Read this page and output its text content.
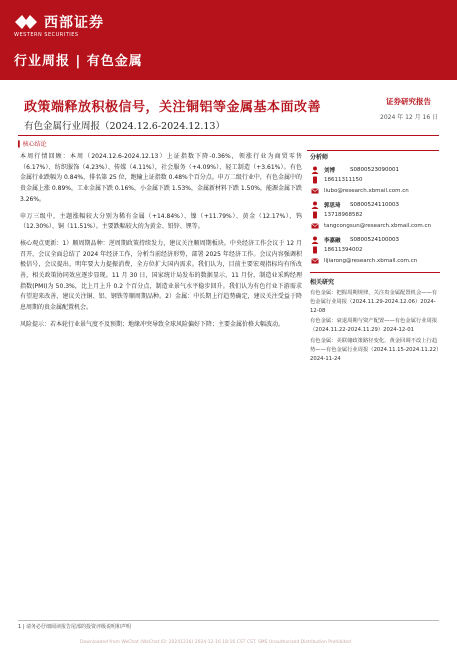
西部证券
WESTERN SECURITIES
行业周报 | 有色金属
政策端释放积极信号，关注铜铝等金属基本面改善	证券研究报告
2024 年 12 月 16 日
有色金属行业周报（2024.12.6-2024.12.13）
▍核心结论

本周行情回顾：本周（2024.12.6-2024.12.13）上证指数下降-0.36%，领涨行业为商贸零售（6.17%）、纺织服饰（4.23%）、传媒（4.11%），社会服务（+4.09%）、轻工制造（+3.61%）。有色金属行业跌幅为 0.84%，排名第 25 位，跑输上证指数 0.48%个百分点。申万二级行业中，有色金属中的贵金属上涨 0.89%，工业金属下跌 0.16%，小金属下跌 1.53%，金属新材料下跌 1.50%，能源金属下跌 3.26%。

申万三级中，主题涨幅较大分别为稀有金属（+14.84%）、镍（+11.79%）、黄金（12.17%）、钨（12.30%）、铜（11.51%）。主要跌幅较大的为黄金、铅锌、锂等。

核心观点更新：1）顺周期品种：逆周期政策持续发力，建议关注顺周期板块。中央经济工作会议于 12 月召开，会议全面总结了 2024 年经济工作，分析当前经济形势，部署 2025 年经济工作。会议内容强调积极信号，会议提出，明年要大力提振消费，全方位扩大国内需求。我们认为，目前主要宏观指标均有所改善，相关政策协同效应逐步显现。11 月 30 日，国家统计局发布的数据显示，11 月份，制造业采购经理指数(PMI)为 50.3%，比上月上升 0.2 个百分点，制造业景气水平稳步回升。我们认为有色行业下游需求有望迎来改善，建议关注铜、铝、钢铁等顺周期品种。2）金属：中长期上行趋势确定，建议关注受益于降息周期的贵金属配置机会。

风险提示：若本轮行业景气度不及预期；地缘冲突导致全球风险偏好下降；主要金属价格大幅波动。

分析师
刘博	S0800523090001
18611311150
liubo@research.xbmail.com.cn
郭思琦	S0800524110003
13718968582
tangcongsun@research.xbmail.com.cn
李嘉融	S0800524100003
18611394002
lijiarong@research.xbmail.com.cn
相关研究
有色金属：把握周期规律，关注贵金属配置机会——有色金属行业周报（2024.11.29-2024.12.06）2024-12-08
有色金属：衰退周期与资产配置——有色金属行业周报（2024.11.22-2024.11.29）2024-12-01
有色金属：美联储政策路径变化，黄金回调不改上行趋势——有色金属行业周报（2024.11.15-2024.11.22）2024-11-24
1 | 请务必仔细阅读报告尾部的投资评级说明和声明
Downloaded from WeChat (WeChat ID: 20241216) 2024-12-16 18:16 CST CST. SMS Unauthorized Distribution Prohibited
